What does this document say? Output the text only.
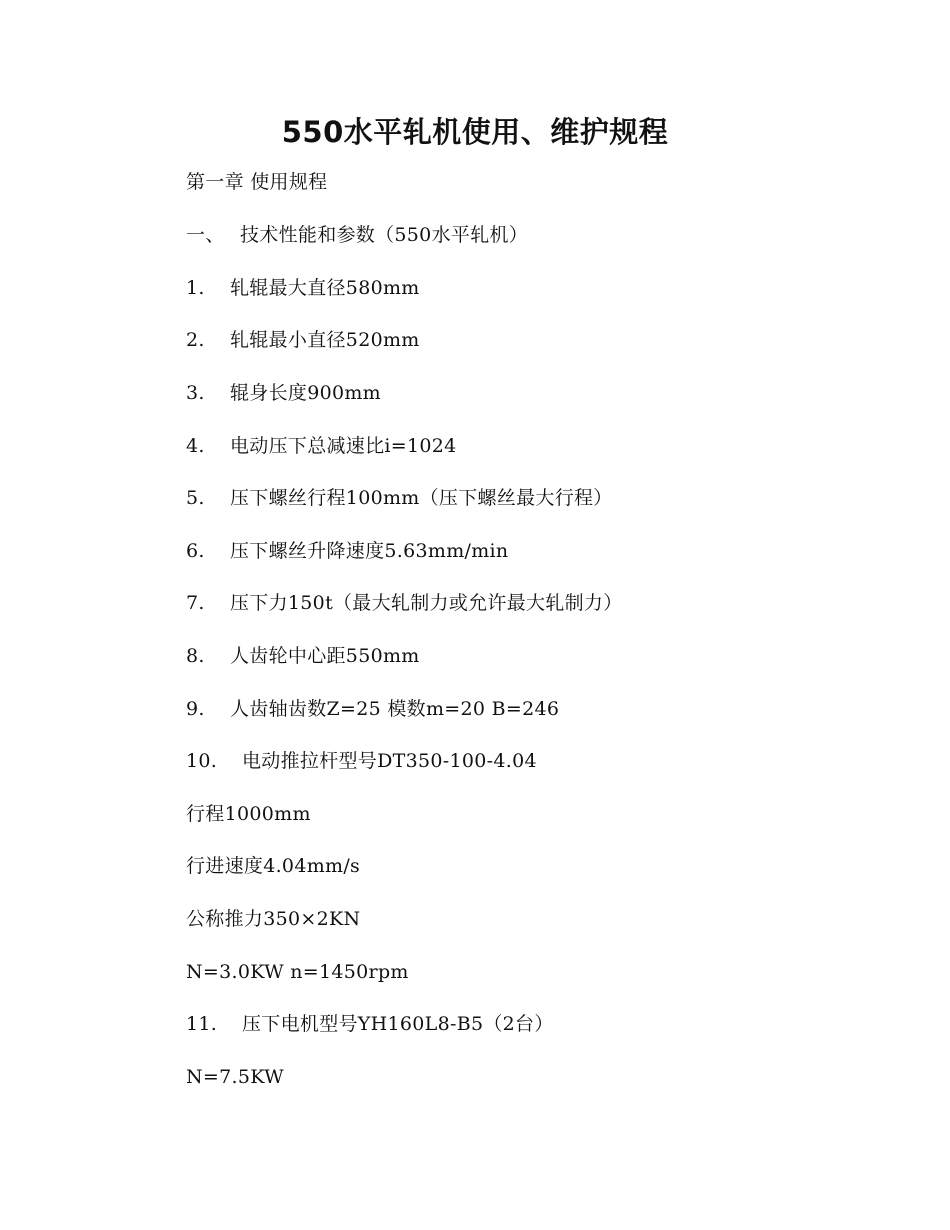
550水平轧机使用、维护规程
第一章 使用规程
一、 技术性能和参数（550水平轧机）
1. 轧辊最大直径580mm
2. 轧辊最小直径520mm
3. 辊身长度900mm
4. 电动压下总减速比i=1024
5. 压下螺丝行程100mm（压下螺丝最大行程）
6. 压下螺丝升降速度5.63mm/min
7. 压下力150t（最大轧制力或允许最大轧制力）
8. 人齿轮中心距550mm
9. 人齿轴齿数Z=25 模数m=20 B=246
10. 电动推拉杆型号DT350-100-4.04
行程1000mm
行进速度4.04mm/s
公称推力350×2KN
N=3.0KW n=1450rpm
11. 压下电机型号YH160L8-B5（2台）
N=7.5KW
